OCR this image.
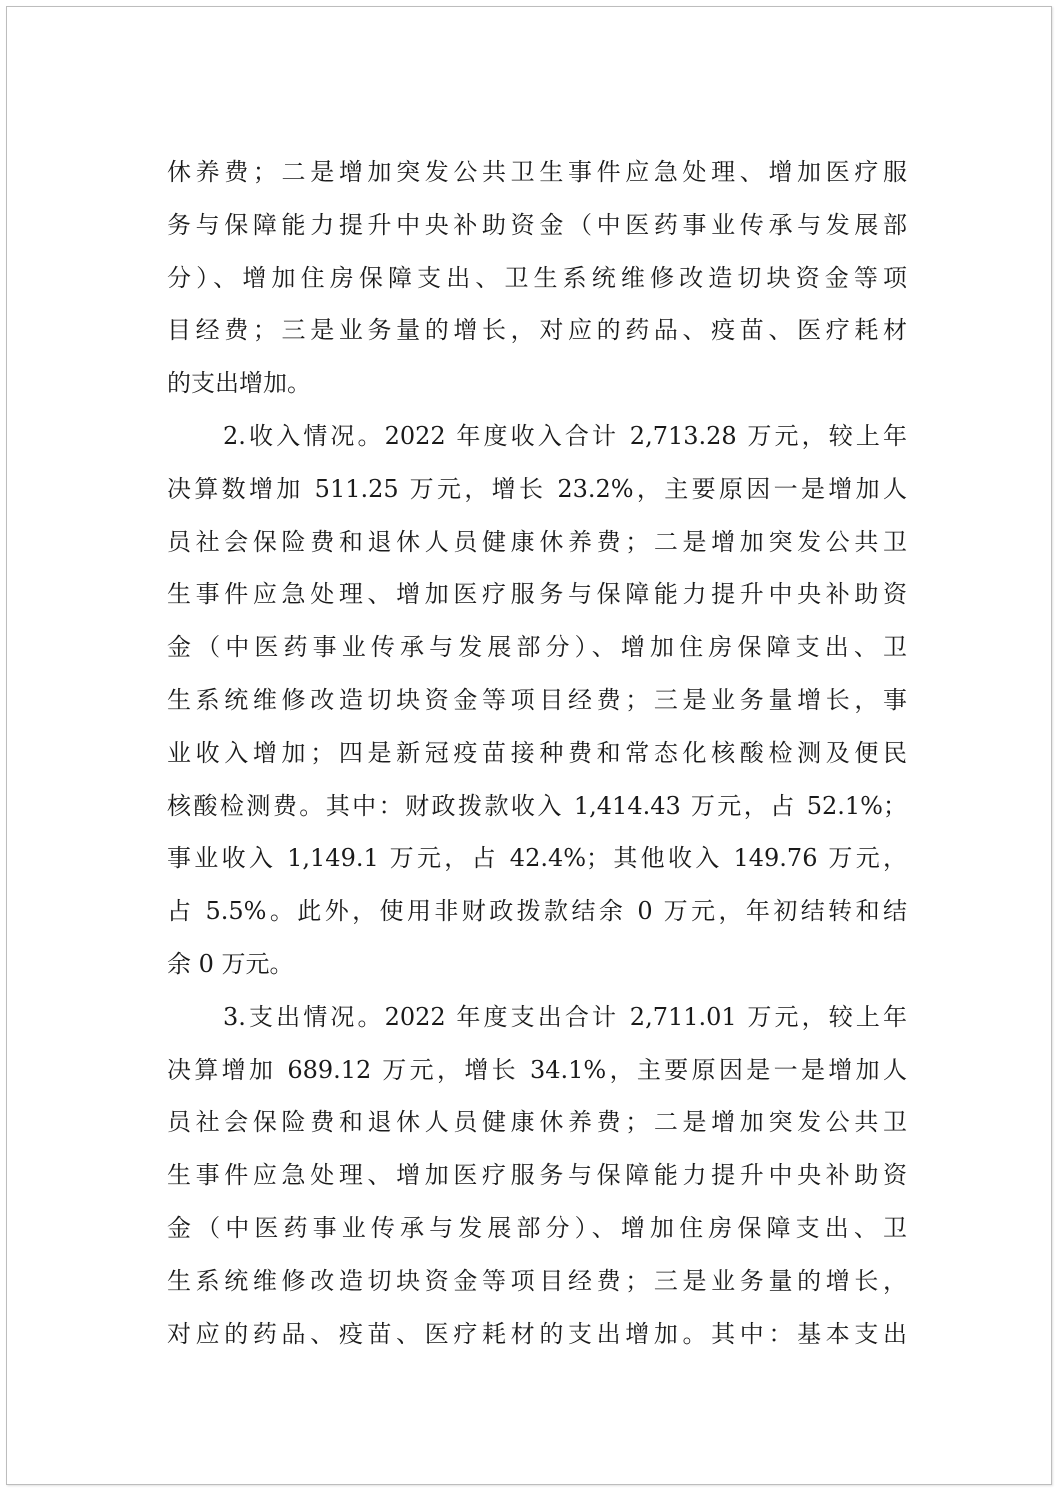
休养费；二是增加突发公共卫生事件应急处理、增加医疗服
务与保障能力提升中央补助资金（中医药事业传承与发展部
分）、增加住房保障支出、卫生系统维修改造切块资金等项
目经费；三是业务量的增长，对应的药品、疫苗、医疗耗材
的支出增加。
2.收入情况。2022 年度收入合计 2,713.28 万元，较上年
决算数增加 511.25 万元，增长 23.2%，主要原因一是增加人
员社会保险费和退休人员健康休养费；二是增加突发公共卫
生事件应急处理、增加医疗服务与保障能力提升中央补助资
金（中医药事业传承与发展部分）、增加住房保障支出、卫
生系统维修改造切块资金等项目经费；三是业务量增长，事
业收入增加；四是新冠疫苗接种费和常态化核酸检测及便民
核酸检测费。其中：财政拨款收入 1,414.43 万元，占 52.1%；
事业收入 1,149.1 万元，占 42.4%；其他收入 149.76 万元，
占 5.5%。此外，使用非财政拨款结余 0 万元，年初结转和结
余 0 万元。
3.支出情况。2022 年度支出合计 2,711.01 万元，较上年
决算增加 689.12 万元，增长 34.1%，主要原因是一是增加人
员社会保险费和退休人员健康休养费；二是增加突发公共卫
生事件应急处理、增加医疗服务与保障能力提升中央补助资
金（中医药事业传承与发展部分）、增加住房保障支出、卫
生系统维修改造切块资金等项目经费；三是业务量的增长，
对应的药品、疫苗、医疗耗材的支出增加。其中：基本支出
